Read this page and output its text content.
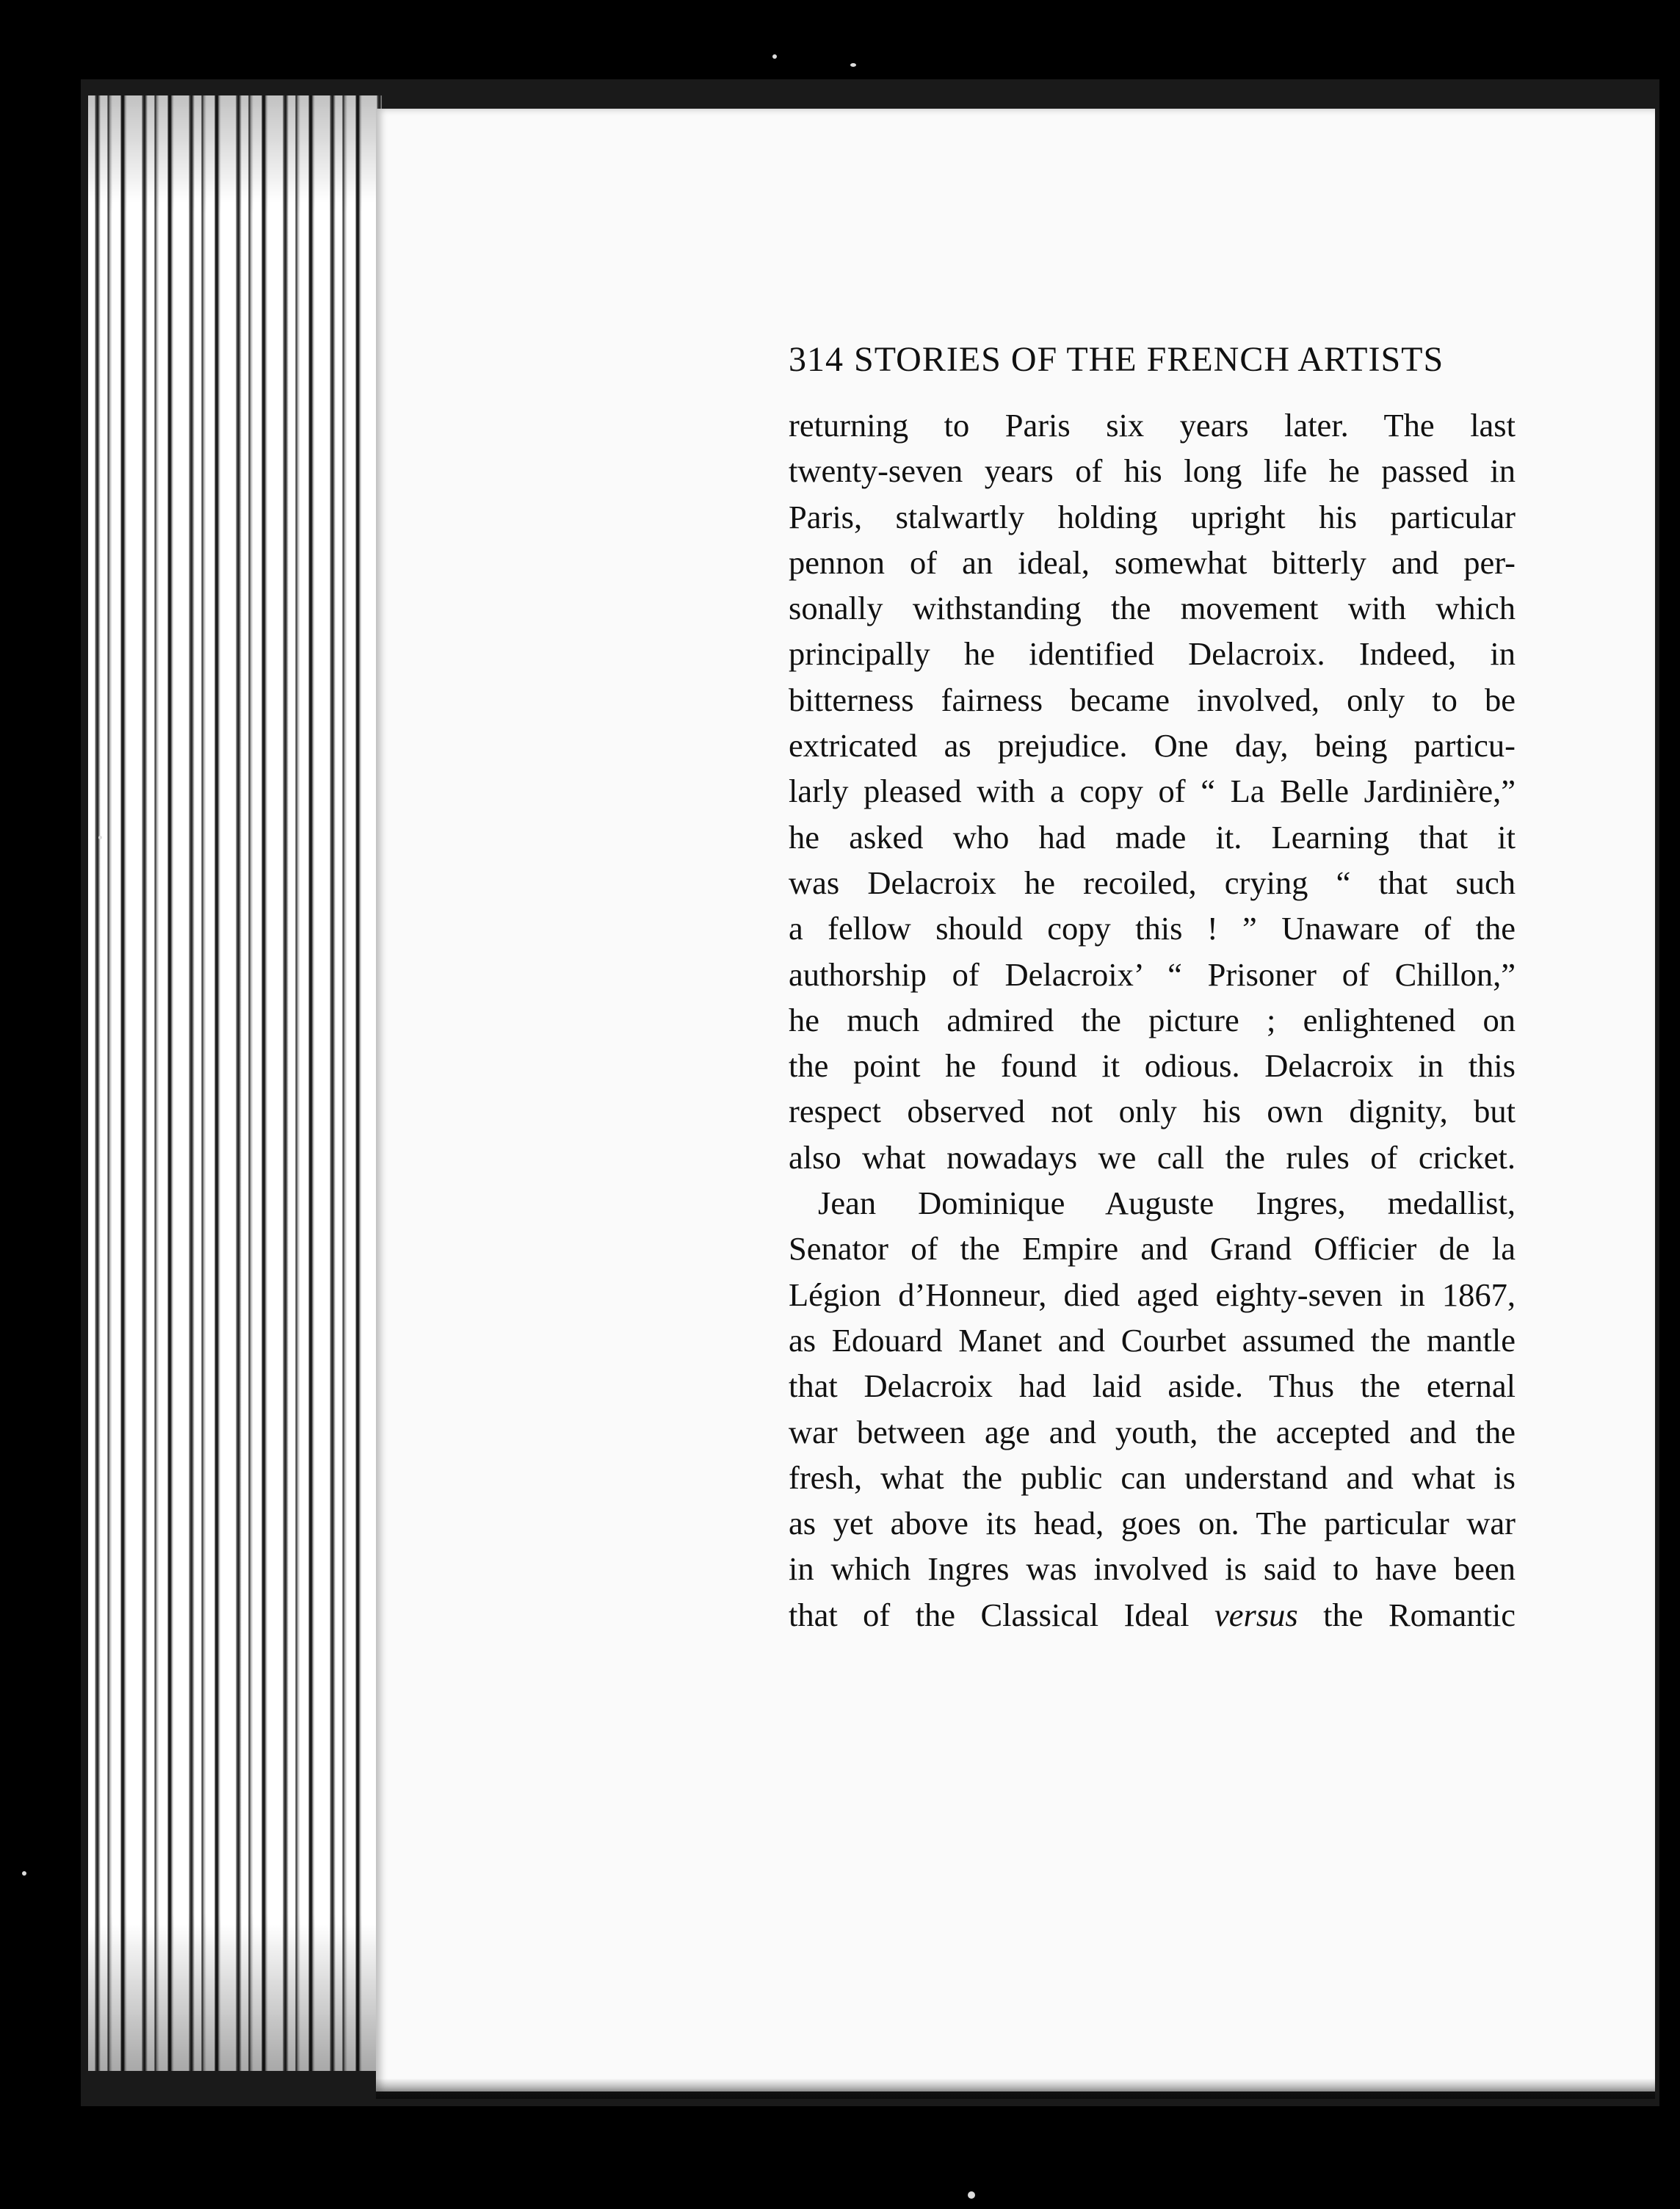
314 STORIES OF THE FRENCH ARTISTS
returning to Paris six years later. The last
twenty-seven years of his long life he passed in
Paris, stalwartly holding upright his particular
pennon of an ideal, somewhat bitterly and per-
sonally withstanding the movement with which
principally he identified Delacroix. Indeed, in
bitterness fairness became involved, only to be
extricated as prejudice. One day, being particu-
larly pleased with a copy of “ La Belle Jardinière,”
he asked who had made it. Learning that it
was Delacroix he recoiled, crying “ that such
a fellow should copy this ! ” Unaware of the
authorship of Delacroix’ “ Prisoner of Chillon,”
he much admired the picture ; enlightened on
the point he found it odious. Delacroix in this
respect observed not only his own dignity, but
also what nowadays we call the rules of cricket.
Jean Dominique Auguste Ingres, medallist,
Senator of the Empire and Grand Officier de la
Légion d’Honneur, died aged eighty-seven in 1867,
as Edouard Manet and Courbet assumed the mantle
that Delacroix had laid aside. Thus the eternal
war between age and youth, the accepted and the
fresh, what the public can understand and what is
as yet above its head, goes on. The particular war
in which Ingres was involved is said to have been
that of the Classical Ideal versus the Romantic
